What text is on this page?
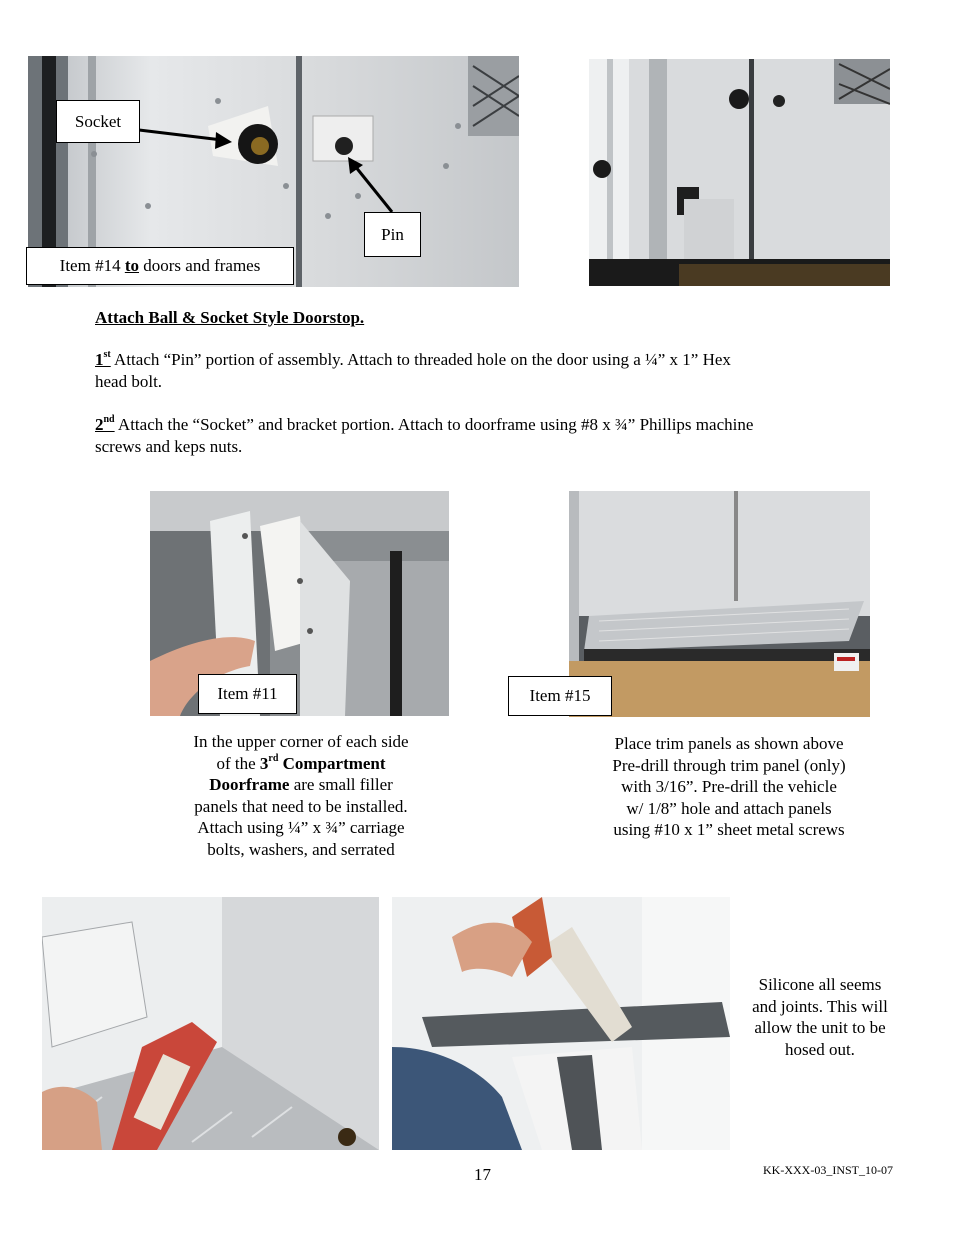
Socket
Pin
Item #14 to doors and frames
Attach Ball & Socket Style Doorstop.
1st Attach “Pin” portion of assembly. Attach to threaded hole on the door using a ¼” x 1” Hex
head bolt.
2nd Attach the “Socket” and bracket portion. Attach to doorframe using #8 x ¾” Phillips machine
screws and keps nuts.
Item #11	Item #15
In the upper corner of each side
of the 3rd Compartment
Doorframe are small filler
panels that need to be installed.
Attach using ¼” x ¾” carriage
bolts, washers, and serrated
Place trim panels as shown above
Pre-drill through trim panel (only)
with 3/16”. Pre-drill the vehicle
w/ 1/8” hole and attach panels
using #10 x 1” sheet metal screws
Silicone all seems
and joints. This will
allow the unit to be
hosed out.
17	KK-XXX-03_INST_10-07
